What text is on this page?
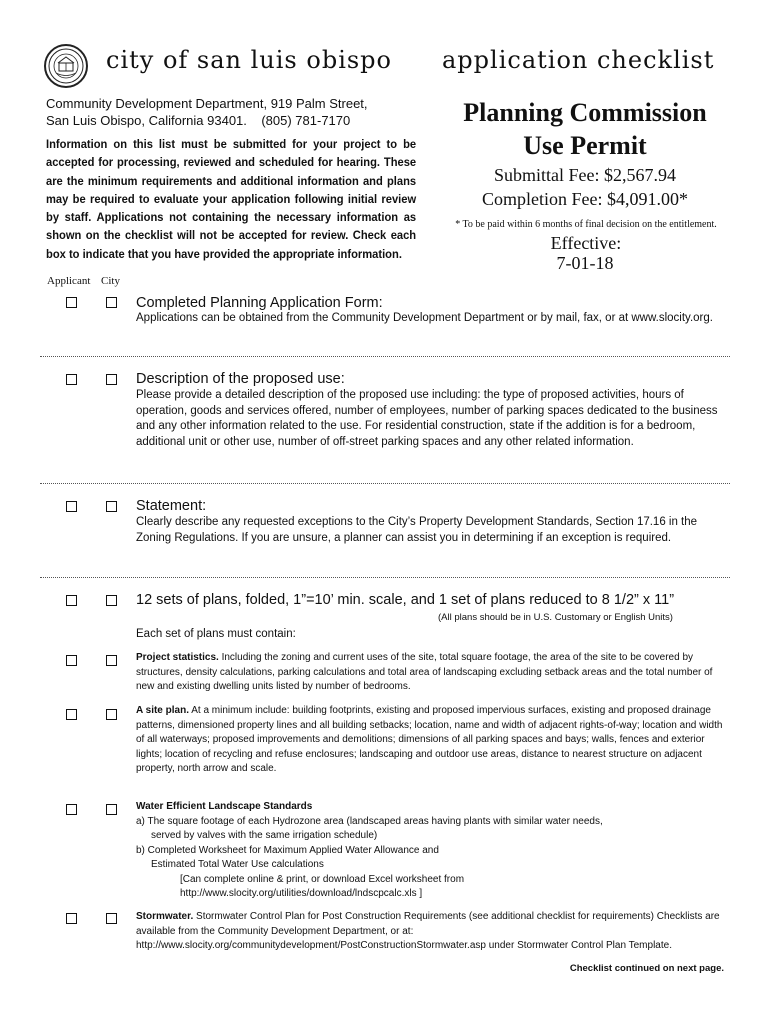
city of san luis obispo application checklist
Community Development Department, 919 Palm Street,
San Luis Obispo, California 93401.    (805) 781-7170
Information on this list must be submitted for your project to be accepted for processing, reviewed and scheduled for hearing. These are the minimum requirements and additional information and plans may be required to evaluate your application following initial review by staff. Applications not containing the necessary information as shown on the checklist will not be accepted for review. Check each box to indicate that you have provided the appropriate information.
Planning Commission
Use Permit
Submittal Fee: $2,567.94
Completion Fee: $4,091.00*
* To be paid within 6 months of final decision on the entitlement. Effective:
7-01-18
Applicant City
Completed Planning Application Form:
Applications can be obtained from the Community Development Department or by mail, fax, or at www.slocity.org.
Description of the proposed use:
Please provide a detailed description of the proposed use including: the type of proposed activities, hours of operation, goods and services offered, number of employees, number of parking spaces dedicated to the business and any other information related to the use. For residential construction, state if the addition is for a bedroom, additional unit or other use, number of off-street parking spaces and any other related information.
Statement:
Clearly describe any requested exceptions to the City’s Property Development Standards, Section 17.16 in the Zoning Regulations. If you are unsure, a planner can assist you in determining if an exception is required.
12 sets of plans, folded, 1”=10’ min. scale, and 1 set of plans reduced to 8 1/2” x 11”
(All plans should be in U.S. Customary or English Units)
Each set of plans must contain:
Project statistics. Including the zoning and current uses of the site, total square footage, the area of the site to be covered by structures, density calculations, parking calculations and total area of landscaping excluding setback areas and the total number of new and existing dwelling units listed by number of bedrooms.
A site plan. At a minimum include: building footprints, existing and proposed impervious surfaces, existing and proposed drainage patterns, dimensioned property lines and all building setbacks; location, name and width of adjacent rights-of-way; location and width of all waterways; proposed improvements and demolitions; dimensions of all parking spaces and bays; walls, fences and exterior lights; location of recycling and refuse enclosures; landscaping and outdoor use areas, distance to nearest structure on adjacent property, north arrow and scale.
Water Efficient Landscape Standards
a) The square footage of each Hydrozone area (landscaped areas having plants with similar water needs,
served by valves with the same irrigation schedule)
b) Completed Worksheet for Maximum Applied Water Allowance and
Estimated Total Water Use calculations
[Can complete online & print, or download Excel worksheet from
http://www.slocity.org/utilities/download/lndscpcalc.xls ]
Stormwater. Stormwater Control Plan for Post Construction Requirements (see additional checklist for requirements) Checklists are available from the Community Development Department, or at: http://www.slocity.org/communitydevelopment/PostConstructionStormwater.asp under Stormwater Control Plan Template.
Checklist continued on next page.
